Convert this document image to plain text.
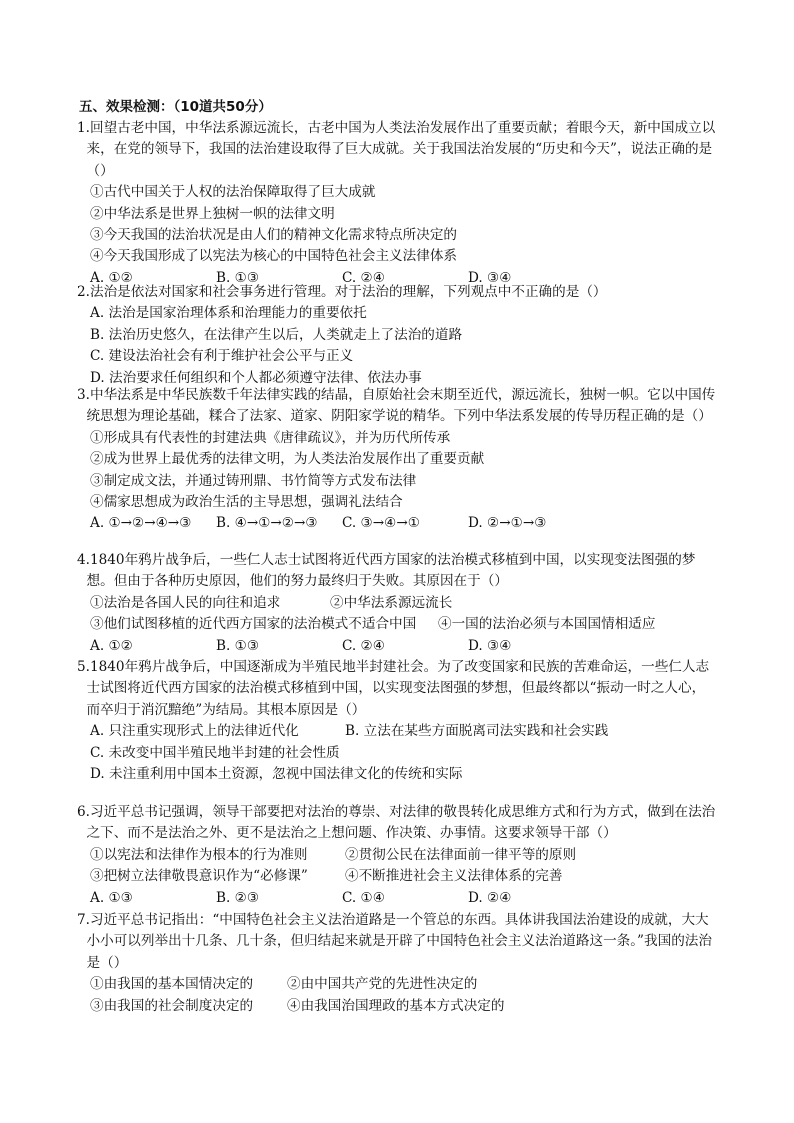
五、效果检测：（10道共50分）
1.回望古老中国，中华法系源远流长，古老中国为人类法治发展作出了重要贡献；着眼今天，新中国成立以来，在党的领导下，我国的法治建设取得了巨大成就。关于我国法治发展的“历史和今天”，说法正确的是（）
①古代中国关于人权的法治保障取得了巨大成就
②中华法系是世界上独树一帜的法律文明
③今天我国的法治状况是由人们的精神文化需求特点所决定的
④今天我国形成了以宪法为核心的中国特色社会主义法律体系
A. ①②	B. ①③	C. ②④	D. ③④
2.法治是依法对国家和社会事务进行管理。对于法治的理解，下列观点中不正确的是（）
A. 法治是国家治理体系和治理能力的重要依托
B. 法治历史悠久，在法律产生以后，人类就走上了法治的道路
C. 建设法治社会有利于维护社会公平与正义
D. 法治要求任何组织和个人都必须遵守法律、依法办事
3.中华法系是中华民族数千年法律实践的结晶，自原始社会末期至近代，源远流长，独树一帜。它以中国传统思想为理论基础，糅合了法家、道家、阴阳家学说的精华。下列中华法系发展的传导历程正确的是（）
①形成具有代表性的封建法典《唐律疏议》，并为历代所传承
②成为世界上最优秀的法律文明，为人类法治发展作出了重要贡献
③制定成文法，并通过铸刑鼎、书竹简等方式发布法律
④儒家思想成为政治生活的主导思想，强调礼法结合
A. ①→②→④→③	B. ④→①→②→③	C. ③→④→①	D. ②→①→③
4.1840年鸦片战争后，一些仁人志士试图将近代西方国家的法治模式移植到中国，以实现变法图强的梦想。但由于各种历史原因，他们的努力最终归于失败。其原因在于（）
①法治是各国人民的向往和追求	②中华法系源远流长
③他们试图移植的近代西方国家的法治模式不适合中国	④一国的法治必须与本国国情相适应
A. ①②	B. ①③	C. ②④	D. ③④
5.1840年鸦片战争后，中国逐渐成为半殖民地半封建社会。为了改变国家和民族的苦难命运，一些仁人志士试图将近代西方国家的法治模式移植到中国，以实现变法图强的梦想，但最终都以“振动一时之人心，而卒归于消沉黯绝”为结局。其根本原因是（）
A. 只注重实现形式上的法律近代化	B. 立法在某些方面脱离司法实践和社会实践
C. 未改变中国半殖民地半封建的社会性质
D. 未注重利用中国本土资源，忽视中国法律文化的传统和实际
6.习近平总书记强调，领导干部要把对法治的尊崇、对法律的敬畏转化成思维方式和行为方式，做到在法治之下、而不是法治之外、更不是法治之上想问题、作决策、办事情。这要求领导干部（）
①以宪法和法律作为根本的行为准则	②贯彻公民在法律面前一律平等的原则
③把树立法律敬畏意识作为“必修课”	④不断推进社会主义法律体系的完善
A. ①③	B. ②③	C. ①④	D. ②④
7.习近平总书记指出：“中国特色社会主义法治道路是一个管总的东西。具体讲我国法治建设的成就，大大小小可以列举出十几条、几十条，但归结起来就是开辟了中国特色社会主义法治道路这一条。”我国的法治是（）
①由我国的基本国情决定的	②由中国共产党的先进性决定的
③由我国的社会制度决定的	④由我国治国理政的基本方式决定的
